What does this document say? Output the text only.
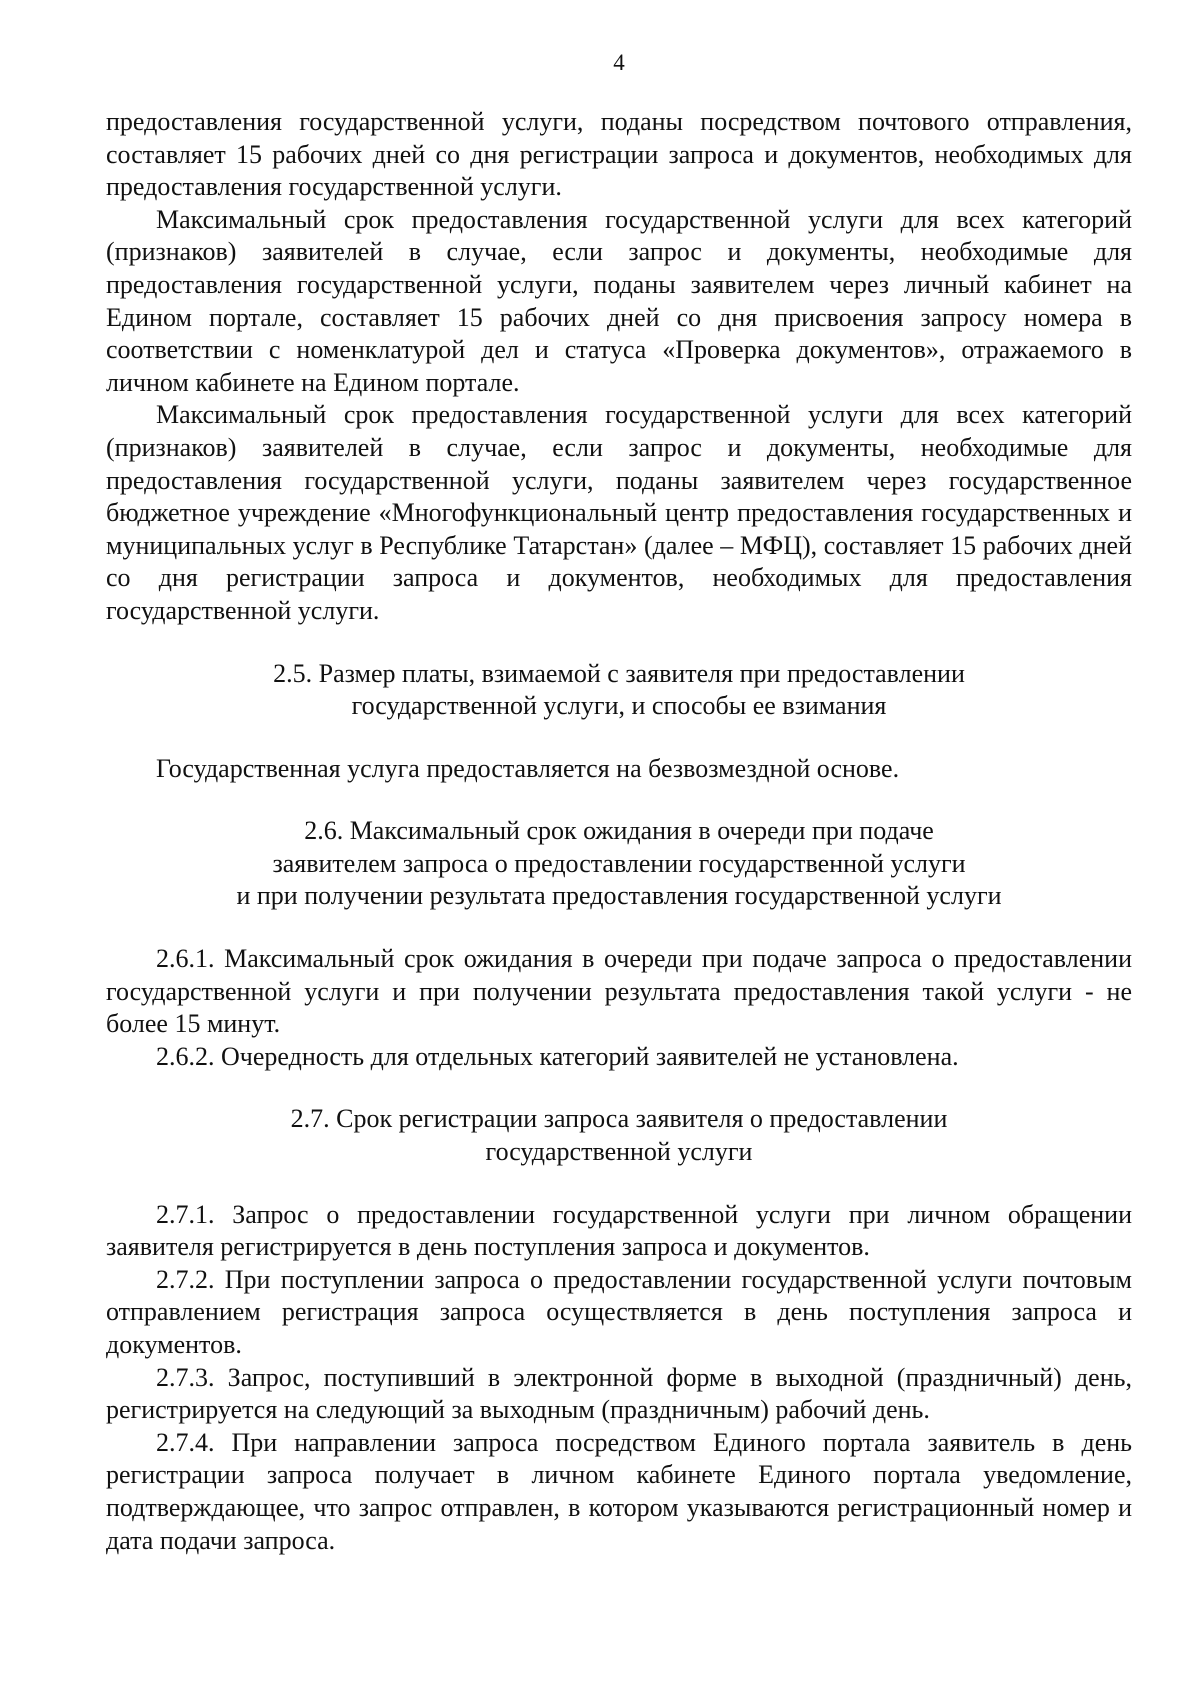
4

предоставления государственной услуги, поданы посредством почтового отправления, составляет 15 рабочих дней со дня регистрации запроса и документов, необходимых для предоставления государственной услуги.

Максимальный срок предоставления государственной услуги для всех категорий (признаков) заявителей в случае, если запрос и документы, необходимые для предоставления государственной услуги, поданы заявителем через личный кабинет на Едином портале, составляет 15 рабочих дней со дня присвоения запросу номера в соответствии с номенклатурой дел и статуса «Проверка документов», отражаемого в личном кабинете на Едином портале.

Максимальный срок предоставления государственной услуги для всех категорий (признаков) заявителей в случае, если запрос и документы, необходимые для предоставления государственной услуги, поданы заявителем через государственное бюджетное учреждение «Многофункциональный центр предоставления государственных и муниципальных услуг в Республике Татарстан» (далее – МФЦ), составляет 15 рабочих дней со дня регистрации запроса и документов, необходимых для предоставления государственной услуги.

2.5. Размер платы, взимаемой с заявителя при предоставлении
государственной услуги, и способы ее взимания

Государственная услуга предоставляется на безвозмездной основе.

2.6. Максимальный срок ожидания в очереди при подаче
заявителем запроса о предоставлении государственной услуги
и при получении результата предоставления государственной услуги

2.6.1. Максимальный срок ожидания в очереди при подаче запроса о предоставлении государственной услуги и при получении результата предоставления такой услуги - не более 15 минут.

2.6.2. Очередность для отдельных категорий заявителей не установлена.

2.7. Срок регистрации запроса заявителя о предоставлении
государственной услуги

2.7.1. Запрос о предоставлении государственной услуги при личном обращении заявителя регистрируется в день поступления запроса и документов.

2.7.2. При поступлении запроса о предоставлении государственной услуги почтовым отправлением регистрация запроса осуществляется в день поступления запроса и документов.

2.7.3. Запрос, поступивший в электронной форме в выходной (праздничный) день, регистрируется на следующий за выходным (праздничным) рабочий день.

2.7.4. При направлении запроса посредством Единого портала заявитель в день регистрации запроса получает в личном кабинете Единого портала уведомление, подтверждающее, что запрос отправлен, в котором указываются регистрационный номер и дата подачи запроса.
